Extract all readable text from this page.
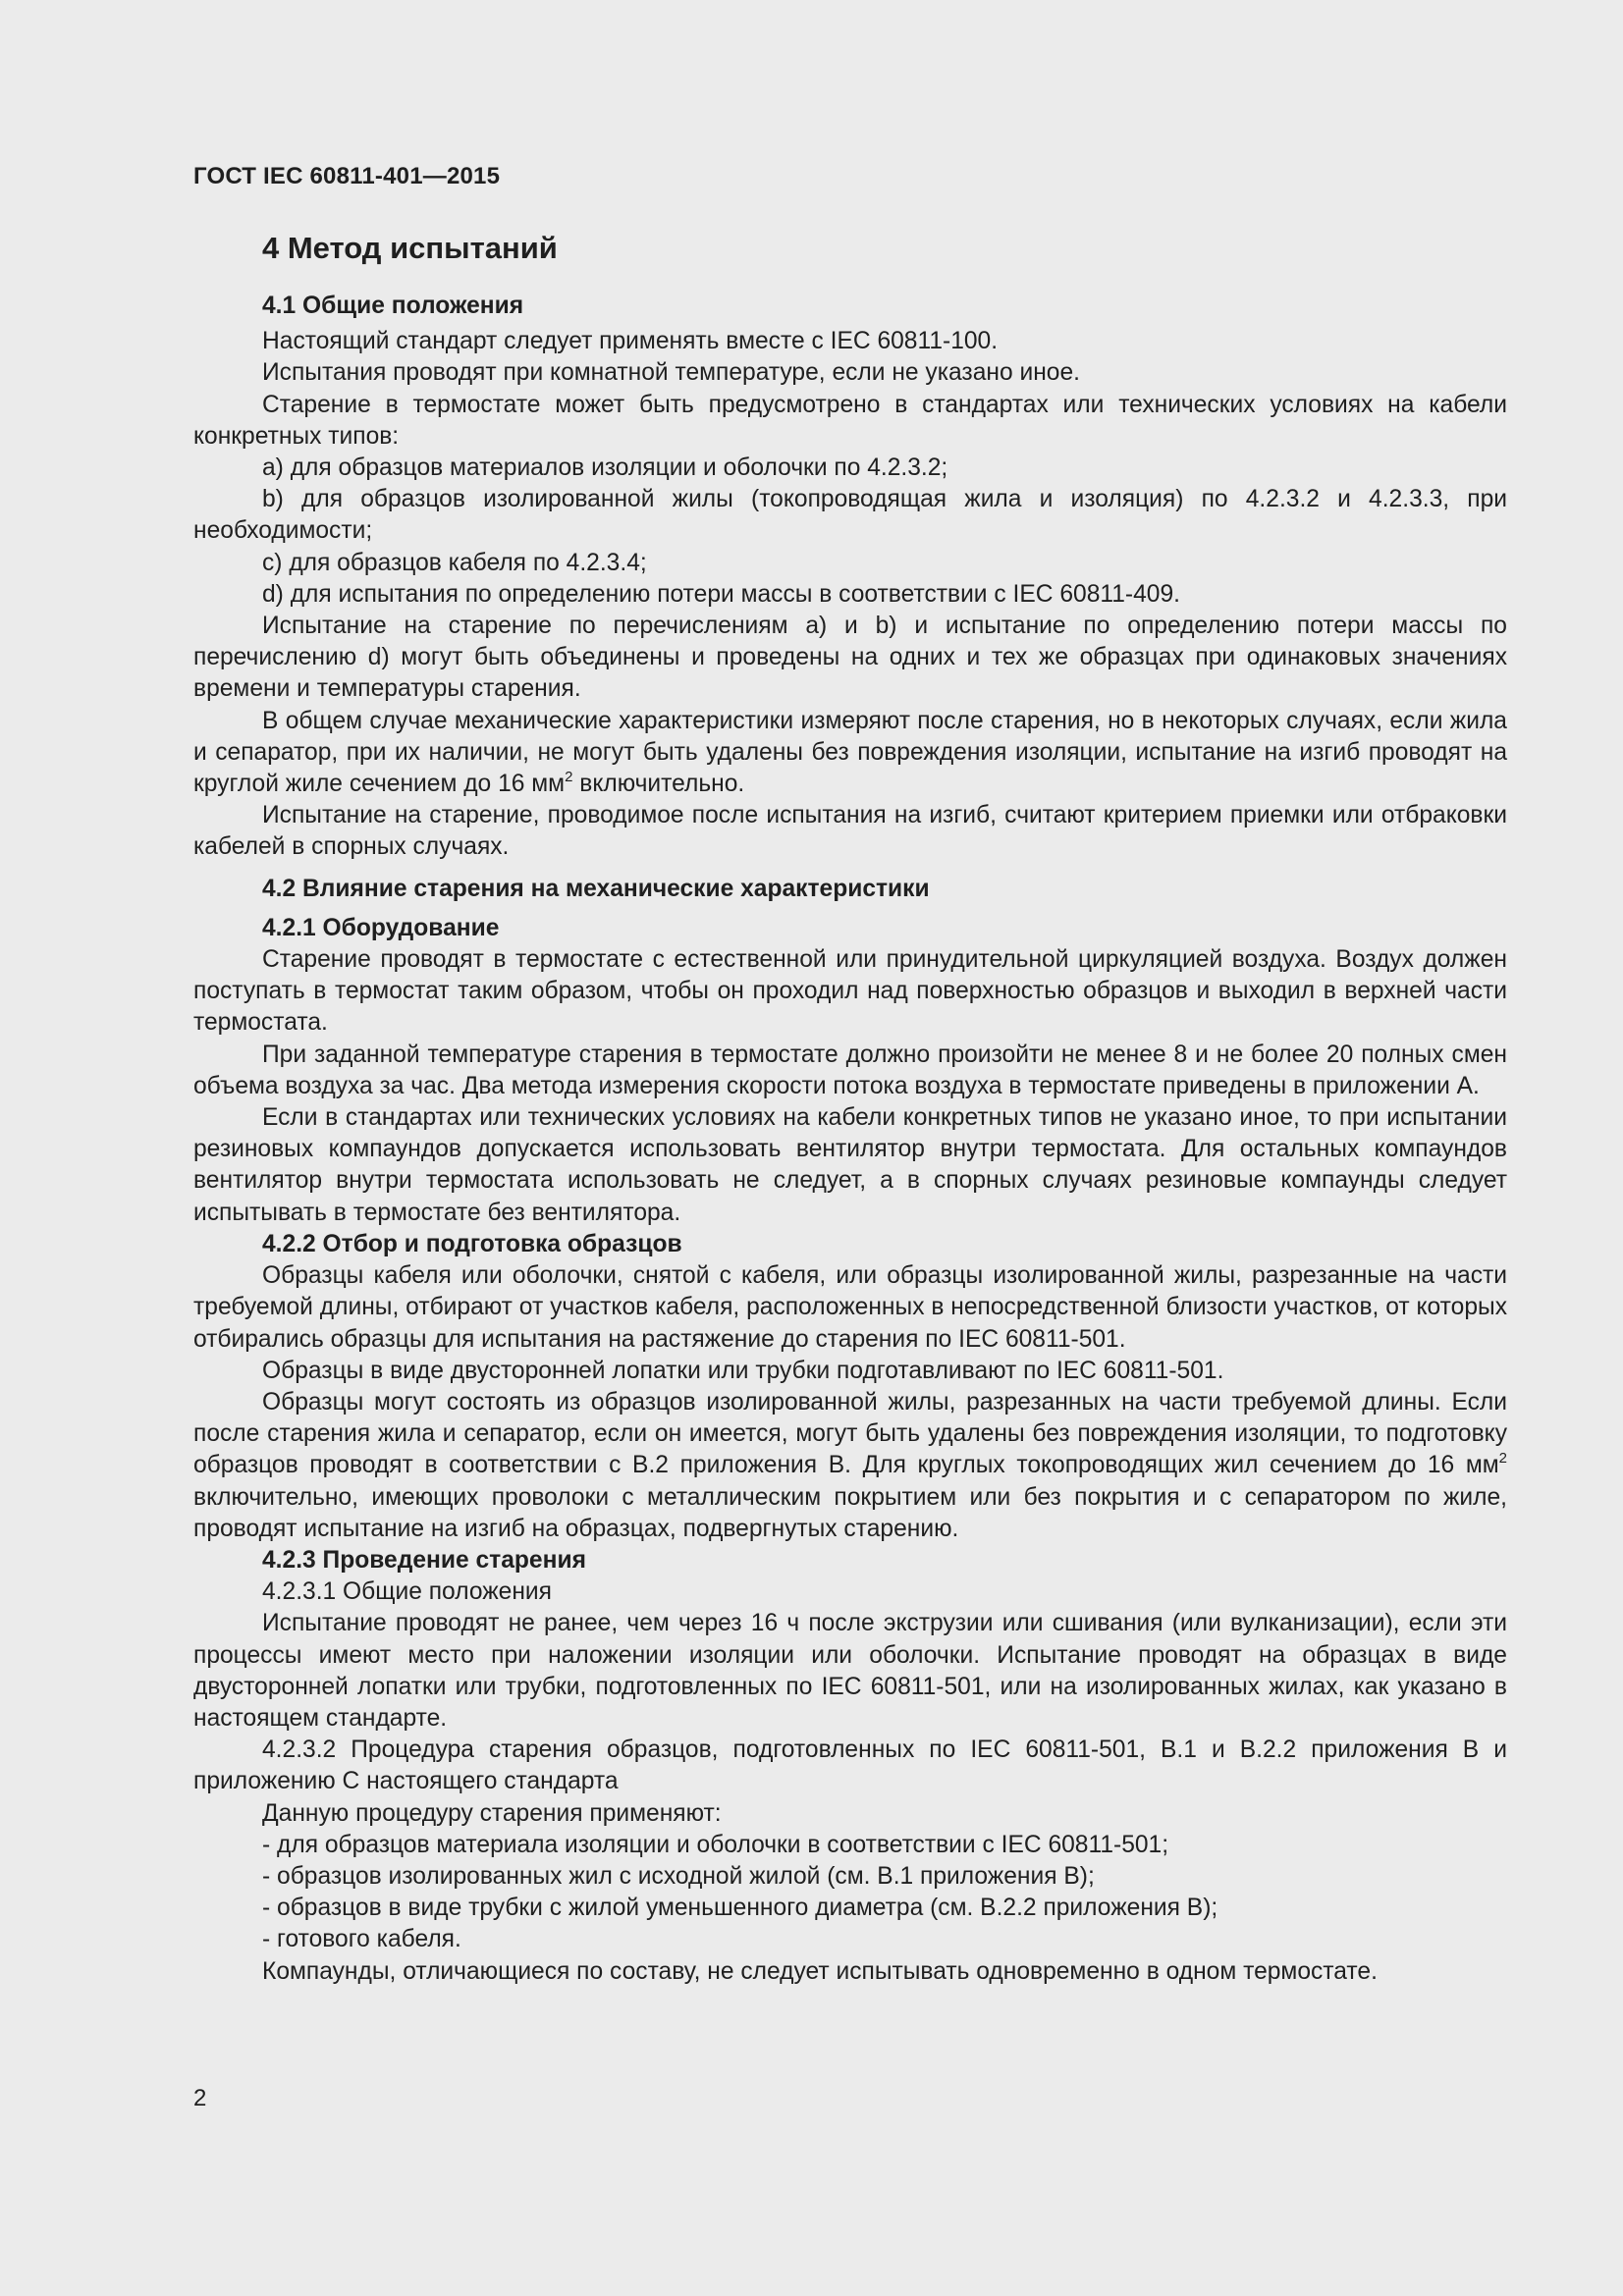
ГОСТ IEC 60811-401—2015
4 Метод испытаний
4.1 Общие положения

Настоящий стандарт следует применять вместе с IEC 60811-100.

Испытания проводят при комнатной температуре, если не указано иное.

Старение в термостате может быть предусмотрено в стандартах или технических условиях на кабели конкретных типов:

a) для образцов материалов изоляции и оболочки по 4.2.3.2;

b) для образцов изолированной жилы (токопроводящая жила и изоляция) по 4.2.3.2 и 4.2.3.3, при необходимости;

c) для образцов кабеля по 4.2.3.4;

d) для испытания по определению потери массы в соответствии с IEC 60811-409.

Испытание на старение по перечислениям a) и b) и испытание по определению потери массы по перечислению d) могут быть объединены и проведены на одних и тех же образцах при одинаковых значениях времени и температуры старения.

В общем случае механические характеристики измеряют после старения, но в некоторых случаях, если жила и сепаратор, при их наличии, не могут быть удалены без повреждения изоляции, испытание на изгиб проводят на круглой жиле сечением до 16 $мм^2$ включительно.

Испытание на старение, проводимое после испытания на изгиб, считают критерием приемки или отбраковки кабелей в спорных случаях.

4.2 Влияние старения на механические характеристики
4.2.1 Оборудование

Старение проводят в термостате с естественной или принудительной циркуляцией воздуха. Воздух должен поступать в термостат таким образом, чтобы он проходил над поверхностью образцов и выходил в верхней части термостата.

При заданной температуре старения в термостате должно произойти не менее 8 и не более 20 полных смен объема воздуха за час. Два метода измерения скорости потока воздуха в термостате приведены в приложении А.

Если в стандартах или технических условиях на кабели конкретных типов не указано иное, то при испытании резиновых компаундов допускается использовать вентилятор внутри термостата. Для остальных компаундов вентилятор внутри термостата использовать не следует, а в спорных случаях резиновые компаунды следует испытывать в термостате без вентилятора.

4.2.2 Отбор и подготовка образцов

Образцы кабеля или оболочки, снятой с кабеля, или образцы изолированной жилы, разрезанные на части требуемой длины, отбирают от участков кабеля, расположенных в непосредственной близости участков, от которых отбирались образцы для испытания на растяжение до старения по IEC 60811-501.

Образцы в виде двусторонней лопатки или трубки подготавливают по IEC 60811-501.

Образцы могут состоять из образцов изолированной жилы, разрезанных на части требуемой длины. Если после старения жила и сепаратор, если он имеется, могут быть удалены без повреждения изоляции, то подготовку образцов проводят в соответствии с В.2 приложения В. Для круглых токопроводящих жил сечением до 16 $мм^2$ включительно, имеющих проволоки с металлическим покрытием или без покрытия и с сепаратором по жиле, проводят испытание на изгиб на образцах, подвергнутых старению.

4.2.3 Проведение старения
4.2.3.1 Общие положения

Испытание проводят не ранее, чем через 16 ч после экструзии или сшивания (или вулканизации), если эти процессы имеют место при наложении изоляции или оболочки. Испытание проводят на образцах в виде двусторонней лопатки или трубки, подготовленных по IEC 60811-501, или на изолированных жилах, как указано в настоящем стандарте.

4.2.3.2 Процедура старения образцов, подготовленных по IEC 60811-501, В.1 и В.2.2 приложения В и приложению С настоящего стандарта

Данную процедуру старения применяют:

- для образцов материала изоляции и оболочки в соответствии с IEC 60811-501;

- образцов изолированных жил с исходной жилой (см. В.1 приложения В);

- образцов в виде трубки с жилой уменьшенного диаметра (см. В.2.2 приложения В);

- готового кабеля.

Компаунды, отличающиеся по составу, не следует испытывать одновременно в одном термостате.

2
